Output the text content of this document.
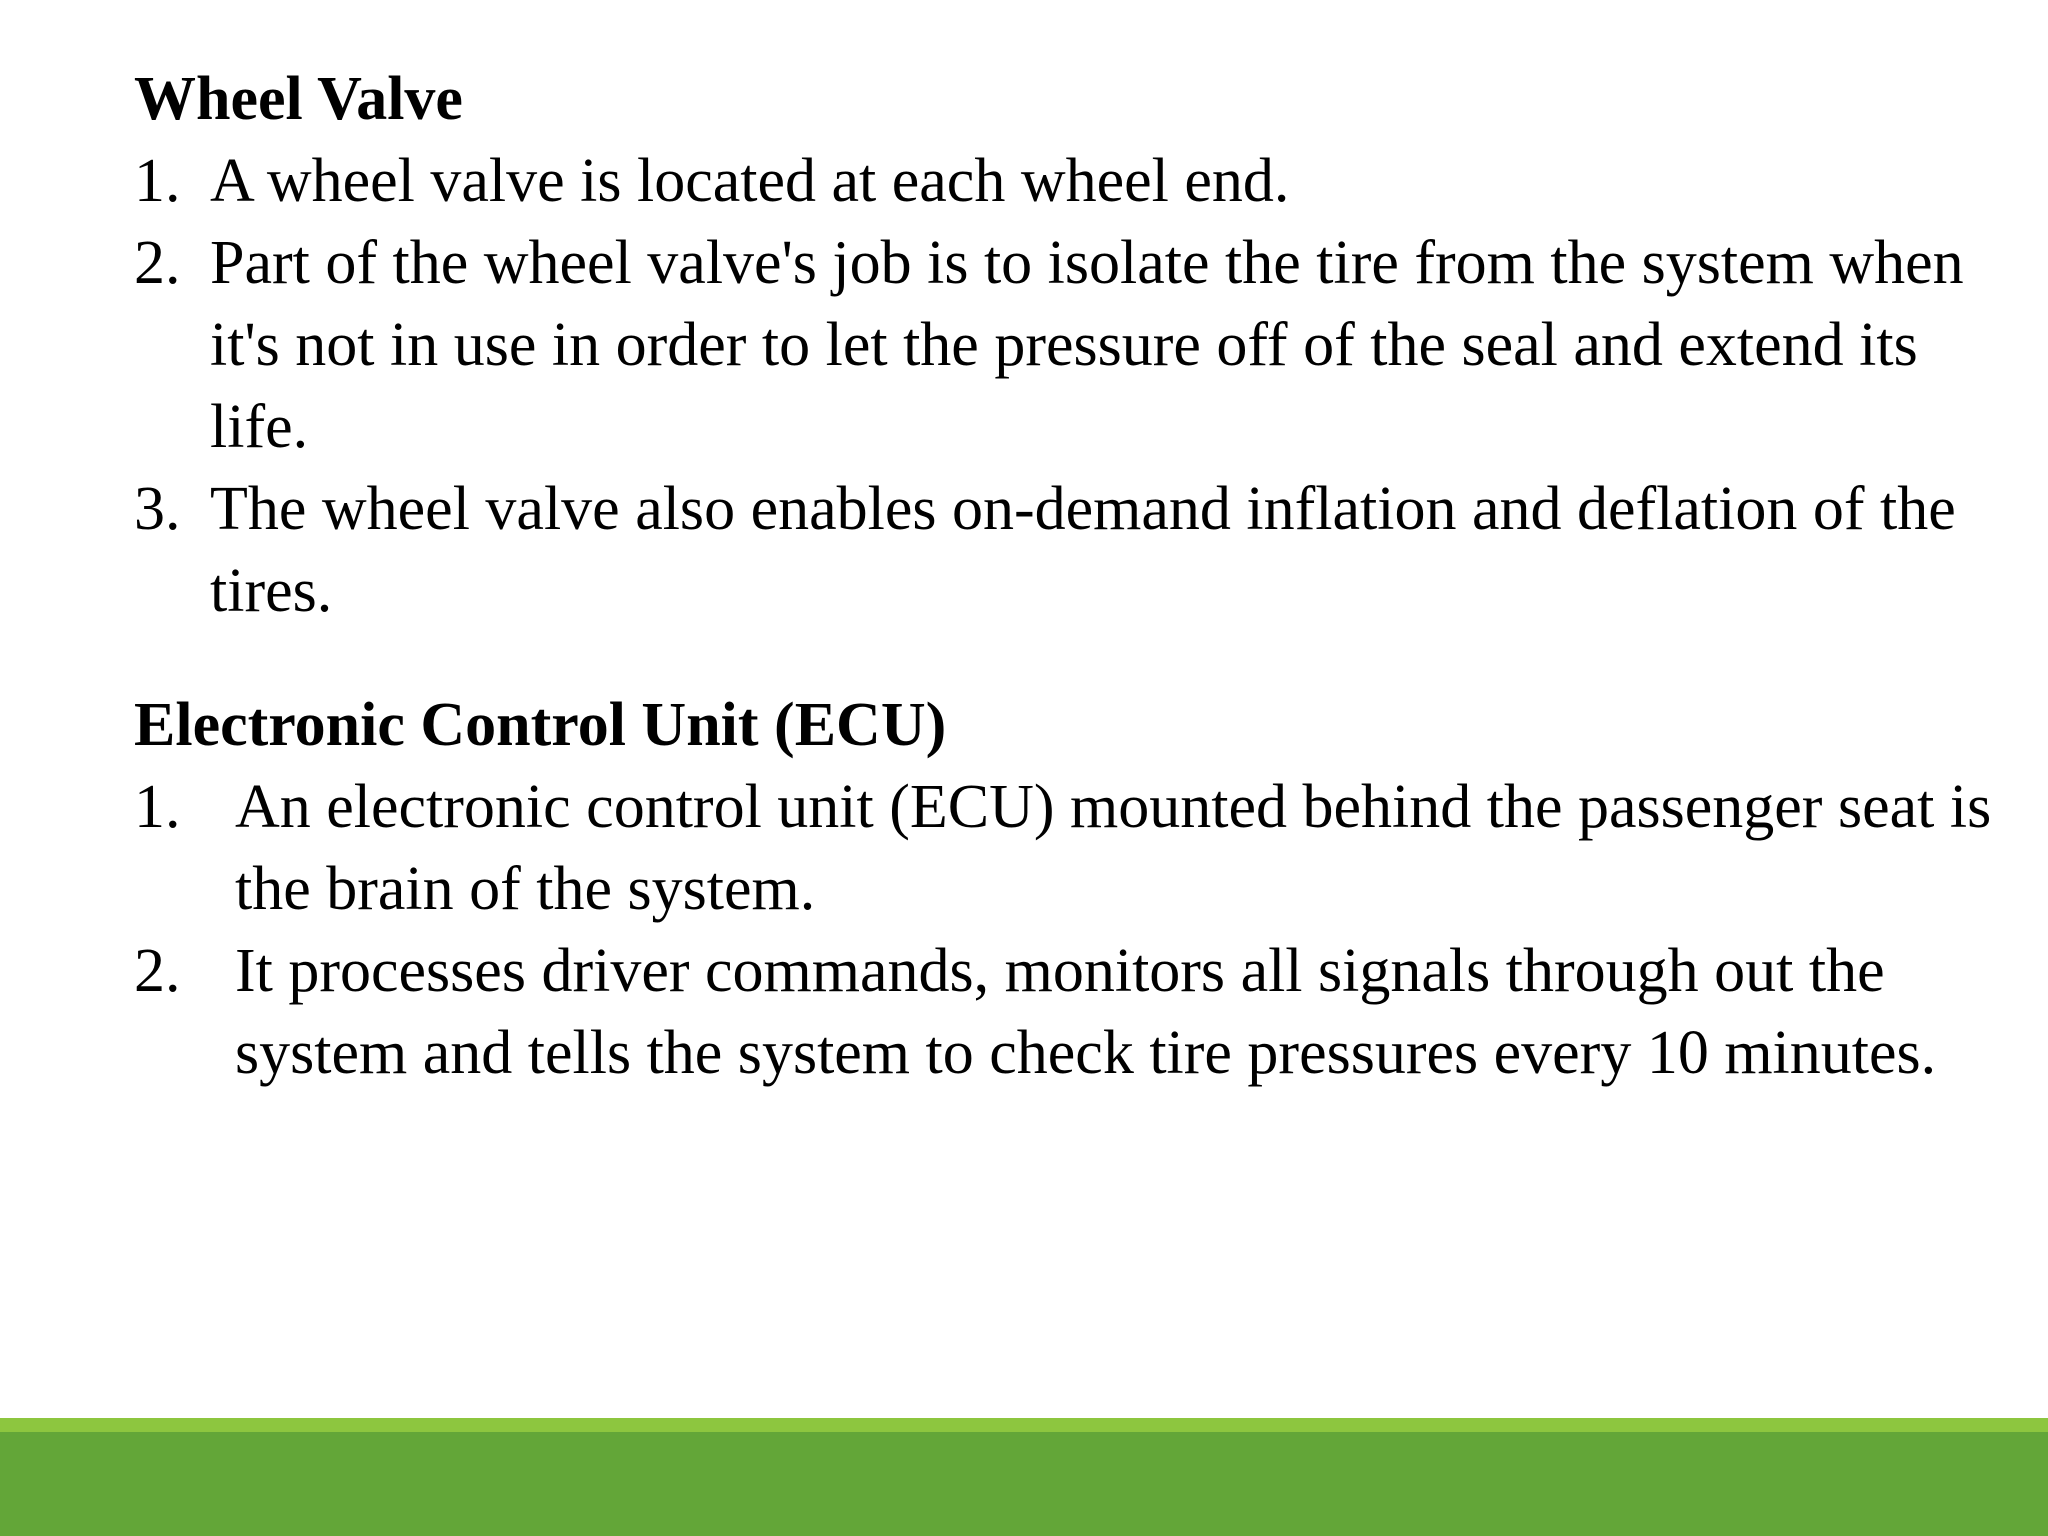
Wheel Valve

1. A wheel valve is located at each wheel end.
2. Part of the wheel valve's job is to isolate the tire from the system when it's not in use in order to let the pressure off of the seal and extend its life.
3. The wheel valve also enables on-demand inflation and deflation of the tires.

Electronic Control Unit (ECU)

1. An electronic control unit (ECU) mounted behind the passenger seat is the brain of the system.
2. It processes driver commands, monitors all signals through out the system and tells the system to check tire pressures every 10 minutes.
